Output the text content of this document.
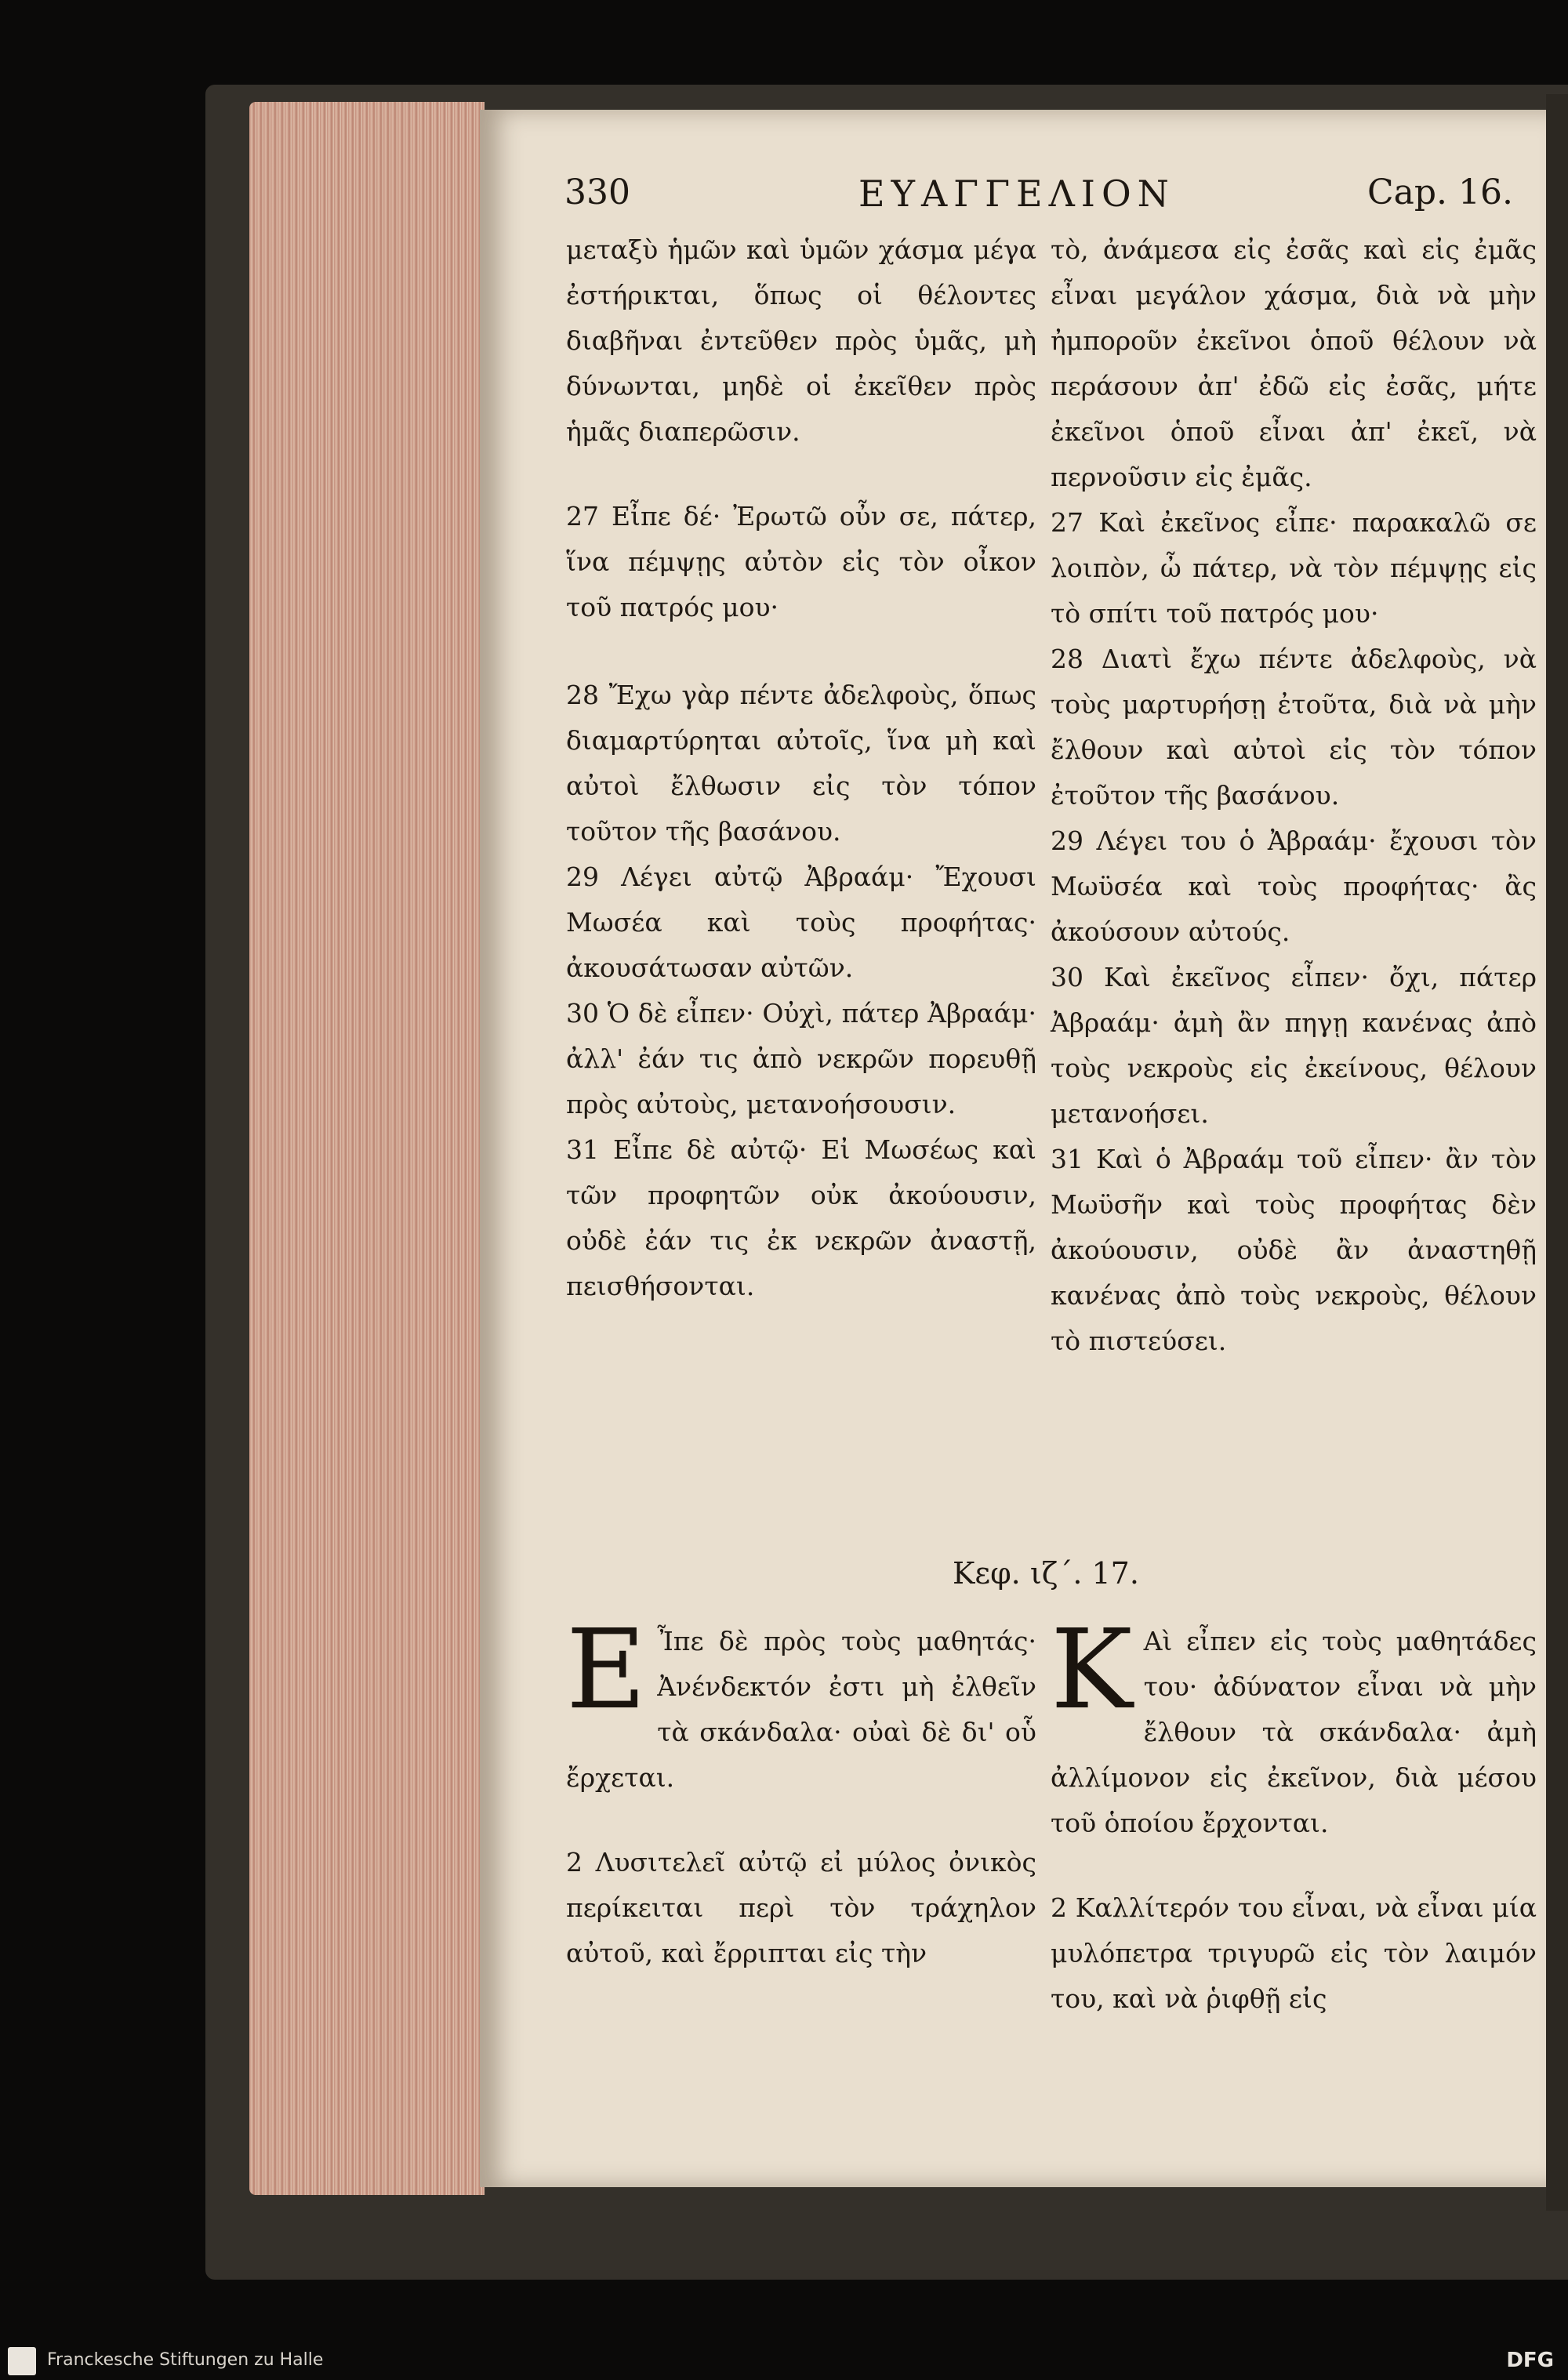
330	ΕΥΑΓΓΕΛΙΟΝ	Cap. 16.

μεταξὺ ἡμῶν καὶ ὑμῶν χάσμα μέγα ἐστήρικται, ὅπως οἱ θέλοντες διαβῆναι ἐντεῦθεν πρὸς ὑμᾶς, μὴ δύνωνται, μηδὲ οἱ ἐκεῖθεν πρὸς ἡμᾶς διαπερῶσιν.

27 Εἶπε δέ· Ἐρωτῶ οὖν σε, πάτερ, ἵνα πέμψῃς αὐτὸν εἰς τὸν οἶκον τοῦ πατρός μου·

28 Ἔχω γὰρ πέντε ἀδελφοὺς, ὅπως διαμαρτύρηται αὐτοῖς, ἵνα μὴ καὶ αὐτοὶ ἔλθωσιν εἰς τὸν τόπον τοῦτον τῆς βασάνου.

29 Λέγει αὐτῷ Ἀβραάμ· Ἔχουσι Μωσέα καὶ τοὺς προφήτας· ἀκουσάτωσαν αὐτῶν.

30 Ὁ δὲ εἶπεν· Οὐχὶ, πάτερ Ἀβραάμ· ἀλλ' ἐάν τις ἀπὸ νεκρῶν πορευθῇ πρὸς αὐτοὺς, μετανοήσουσιν.

31 Εἶπε δὲ αὐτῷ· Εἰ Μωσέως καὶ τῶν προφητῶν οὐκ ἀκούουσιν, οὐδὲ ἐάν τις ἐκ νεκρῶν ἀναστῇ, πεισθήσονται.

τὸ, ἀνάμεσα εἰς ἐσᾶς καὶ εἰς ἐμᾶς εἶναι μεγάλον χάσμα, διὰ νὰ μὴν ἠμποροῦν ἐκεῖνοι ὁποῦ θέλουν νὰ περάσουν ἀπ' ἐδῶ εἰς ἐσᾶς, μήτε ἐκεῖνοι ὁποῦ εἶναι ἀπ' ἐκεῖ, νὰ περνοῦσιν εἰς ἐμᾶς.

27 Καὶ ἐκεῖνος εἶπε· παρακαλῶ σε λοιπὸν, ὦ πάτερ, νὰ τὸν πέμψῃς εἰς τὸ σπίτι τοῦ πατρός μου·

28 Διατὶ ἔχω πέντε ἀδελφοὺς, νὰ τοὺς μαρτυρήσῃ ἐτοῦτα, διὰ νὰ μὴν ἔλθουν καὶ αὐτοὶ εἰς τὸν τόπον ἐτοῦτον τῆς βασάνου.

29 Λέγει του ὁ Ἀβραάμ· ἔχουσι τὸν Μωϋσέα καὶ τοὺς προφήτας· ἂς ἀκούσουν αὐτούς.

30 Καὶ ἐκεῖνος εἶπεν· ὄχι, πάτερ Ἀβραάμ· ἀμὴ ἂν πηγῃ κανένας ἀπὸ τοὺς νεκροὺς εἰς ἐκείνους, θέλουν μετανοήσει.

31 Καὶ ὁ Ἀβραάμ τοῦ εἶπεν· ἂν τὸν Μωϋσῆν καὶ τοὺς προφήτας δὲν ἀκούουσιν, οὐδὲ ἂν ἀναστηθῇ κανένας ἀπὸ τοὺς νεκροὺς, θέλουν τὸ πιστεύσει.

Κεφ. ιζ΄. 17.

E Ἶπε δὲ πρὸς τοὺς μαθητάς· Ἀνένδεκτόν ἐστι μὴ ἐλθεῖν τὰ σκάνδαλα· οὐαὶ δὲ δι' οὗ ἔρχεται.

2 Λυσιτελεῖ αὐτῷ εἰ μύλος ὀνικὸς περίκειται περὶ τὸν τράχηλον αὐτοῦ, καὶ ἔρριπται εἰς τὴν

K Αὶ εἶπεν εἰς τοὺς μαθητάδες του· ἀδύνατον εἶναι νὰ μὴν ἔλθουν τὰ σκάνδαλα· ἀμὴ ἀλλίμονον εἰς ἐκεῖνον, διὰ μέσου τοῦ ὁποίου ἔρχονται.

2 Καλλίτερόν του εἶναι, νὰ εἶναι μία μυλόπετρα τριγυρῶ εἰς τὸν λαιμόν του, καὶ νὰ ῥιφθῇ εἰς

Franckesche Stiftungen zu Halle	DFG
